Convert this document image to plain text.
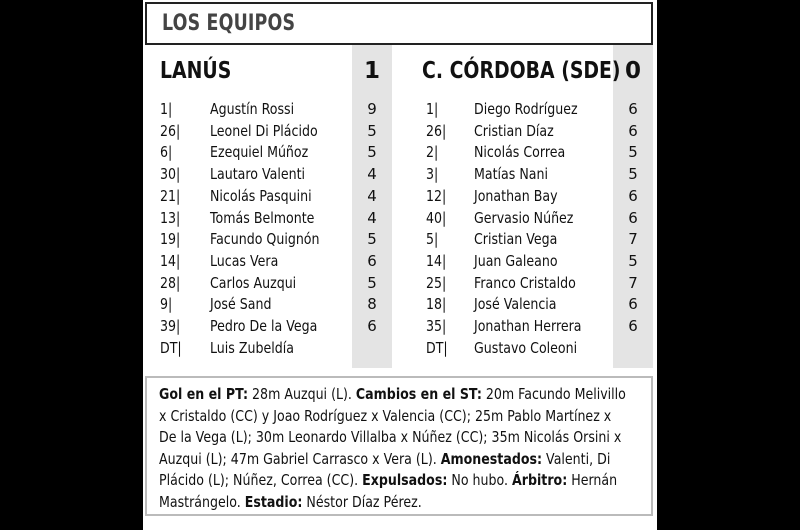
LOS EQUIPOS
LANÚS	1	C. CÓRDOBA (SDE) 0
1|	Agustín Rossi	9
26| Leonel Di Plácido	5
6|	Ezequiel Múñoz	5
30| Lautaro Valenti	4
21| Nicolás Pasquini	4
13| Tomás Belmonte	4
19| Facundo Quignón	5
14| Lucas Vera	6
28| Carlos Auzqui	5
9|	José Sand	8
39| Pedro De la Vega	6
DT| Luis Zubeldía
1| Diego Rodríguez	6
26| Cristian Díaz	6
2| Nicolás Correa	5
3| Matías Nani	5
12| Jonathan Bay	6
40| Gervasio Núñez	6
5| Cristian Vega	7
14| Juan Galeano	5
25| Franco Cristaldo	7
18| José Valencia	6
35| Jonathan Herrera	6
DT| Gustavo Coleoni
Gol en el PT: 28m Auzqui (L). Cambios en el ST: 20m Facundo Melivillo x Cristaldo (CC) y Joao Rodríguez x Valencia (CC); 25m Pablo Martínez x De la Vega (L); 30m Leonardo Villalba x Núñez (CC); 35m Nicolás Orsini x Auzqui (L); 47m Gabriel Carrasco x Vera (L). Amonestados: Valenti, Di Plácido (L); Núñez, Correa (CC). Expulsados: No hubo. Árbitro: Hernán Mastrángelo. Estadio: Néstor Díaz Pérez.
